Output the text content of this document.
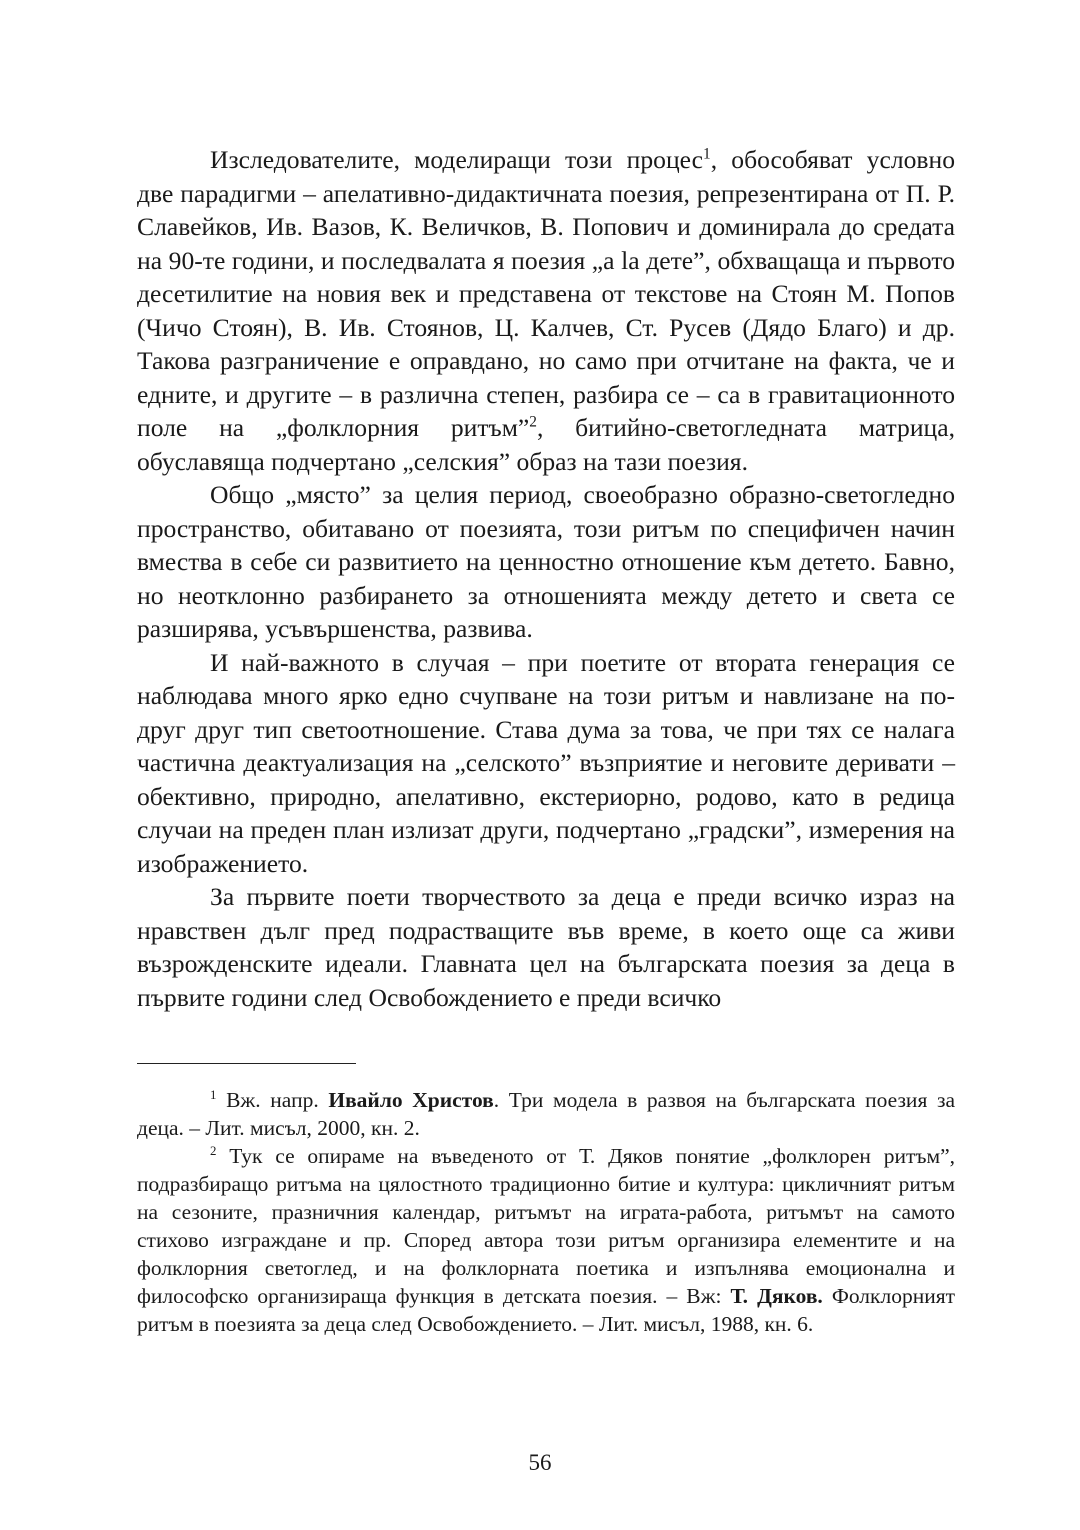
Изследователите, моделиращи този процес$^1$, обособяват условно две парадигми – апелативно-дидактичната поезия, репрезентирана от П. Р. Славейков, Ив. Вазов, К. Величков, В. Попович и доминирала до средата на 90-те години, и последвалата я поезия „a la дете”, обхващаща и първото десетилитие на новия век и представена от текстове на Стоян М. Попов (Чичо Стоян), В. Ив. Стоянов, Ц. Калчев, Ст. Русев (Дядо Благо) и др. Такова разграничение е оправдано, но само при отчитане на факта, че и едните, и другите – в различна степен, разбира се – са в гравитационното поле на „фолклорния ритъм”$^2$, битийно-светогледната матрица, обуславяща подчертано „селския” образ на тази поезия.

Общо „място” за целия период, своеобразно образно-светогледно пространство, обитавано от поезията, този ритъм по специфичен начин вмества в себе си развитието на ценностно отношение към детето. Бавно, но неотклонно разбирането за отношенията между детето и света се разширява, усъвършенства, развива.

И най-важното в случая – при поетите от втората генерация се наблюдава много ярко едно счупване на този ритъм и навлизане на по-друг друг тип светоотношение. Става дума за това, че при тях се налага частична деактуализация на „селското” възприятие и неговите деривати – обективно, природно, апелативно, екстериорно, родово, като в редица случаи на преден план излизат други, подчертано „градски”, измерения на изображението.

За първите поети творчеството за деца е преди всичко израз на нравствен дълг пред подрастващите във време, в което още са живи възрожденските идеали. Главната цел на българската поезия за деца в първите години след Освобождението е преди всичко

$^1$ Вж. напр. Ивайло Христов. Три модела в развоя на българската поезия за деца. – Лит. мисъл, 2000, кн. 2.

$^2$ Тук се опираме на въведеното от Т. Дяков понятие „фолклорен ритъм”, подразбиращо ритъма на цялостното традиционно битие и култура: цикличният ритъм на сезоните, празничния календар, ритъмът на играта-работа, ритъмът на самото стихово изграждане и пр. Според автора този ритъм организира елементите и на фолклорния светоглед, и на фолклорната поетика и изпълнява емоционална и философско организираща функция в детската поезия. – Вж: Т. Дяков. Фолклорният ритъм в поезията за деца след Освобождението. – Лит. мисъл, 1988, кн. 6.

56
